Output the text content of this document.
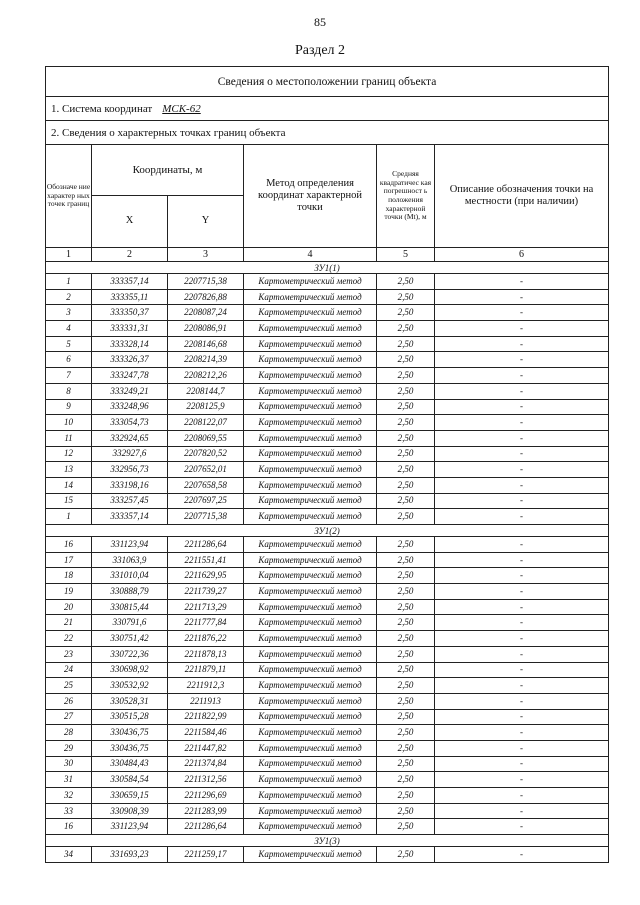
85
Раздел 2
Сведения о местоположении границ объекта					
1. Система координат МСК-62					
2. Сведения о характерных точках границ объекта					
Обозначе ние характер ных точек границ	Координаты, м		Метод определения координат характерной точки	Средняя квадратичес кая погрешност ь положения характерной точки (Mt), м	Описание обозначения точки на местности (при наличии)
	X	Y			
1	2	3	4	5	6
ЗУ1(1)					
1	333357,14	2207715,38	Картометрический метод	2,50	-
2	333355,11	2207826,88	Картометрический метод	2,50	-
3	333350,37	2208087,24	Картометрический метод	2,50	-
4	333331,31	2208086,91	Картометрический метод	2,50	-
5	333328,14	2208146,68	Картометрический метод	2,50	-
6	333326,37	2208214,39	Картометрический метод	2,50	-
7	333247,78	2208212,26	Картометрический метод	2,50	-
8	333249,21	2208144,7	Картометрический метод	2,50	-
9	333248,96	2208125,9	Картометрический метод	2,50	-
10	333054,73	2208122,07	Картометрический метод	2,50	-
11	332924,65	2208069,55	Картометрический метод	2,50	-
12	332927,6	2207820,52	Картометрический метод	2,50	-
13	332956,73	2207652,01	Картометрический метод	2,50	-
14	333198,16	2207658,58	Картометрический метод	2,50	-
15	333257,45	2207697,25	Картометрический метод	2,50	-
1	333357,14	2207715,38	Картометрический метод	2,50	-
ЗУ1(2)					
16	331123,94	2211286,64	Картометрический метод	2,50	-
17	331063,9	2211551,41	Картометрический метод	2,50	-
18	331010,04	2211629,95	Картометрический метод	2,50	-
19	330888,79	2211739,27	Картометрический метод	2,50	-
20	330815,44	2211713,29	Картометрический метод	2,50	-
21	330791,6	2211777,84	Картометрический метод	2,50	-
22	330751,42	2211876,22	Картометрический метод	2,50	-
23	330722,36	2211878,13	Картометрический метод	2,50	-
24	330698,92	2211879,11	Картометрический метод	2,50	-
25	330532,92	2211912,3	Картометрический метод	2,50	-
26	330528,31	2211913	Картометрический метод	2,50	-
27	330515,28	2211822,99	Картометрический метод	2,50	-
28	330436,75	2211584,46	Картометрический метод	2,50	-
29	330436,75	2211447,82	Картометрический метод	2,50	-
30	330484,43	2211374,84	Картометрический метод	2,50	-
31	330584,54	2211312,56	Картометрический метод	2,50	-
32	330659,15	2211296,69	Картометрический метод	2,50	-
33	330908,39	2211283,99	Картометрический метод	2,50	-
16	331123,94	2211286,64	Картометрический метод	2,50	-
ЗУ1(3)					
34	331693,23	2211259,17	Картометрический метод	2,50	-
